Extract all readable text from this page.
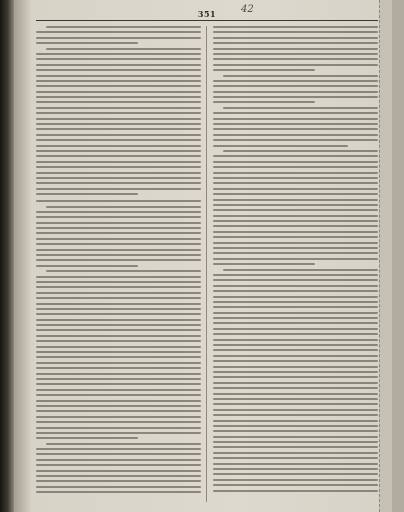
351	42
